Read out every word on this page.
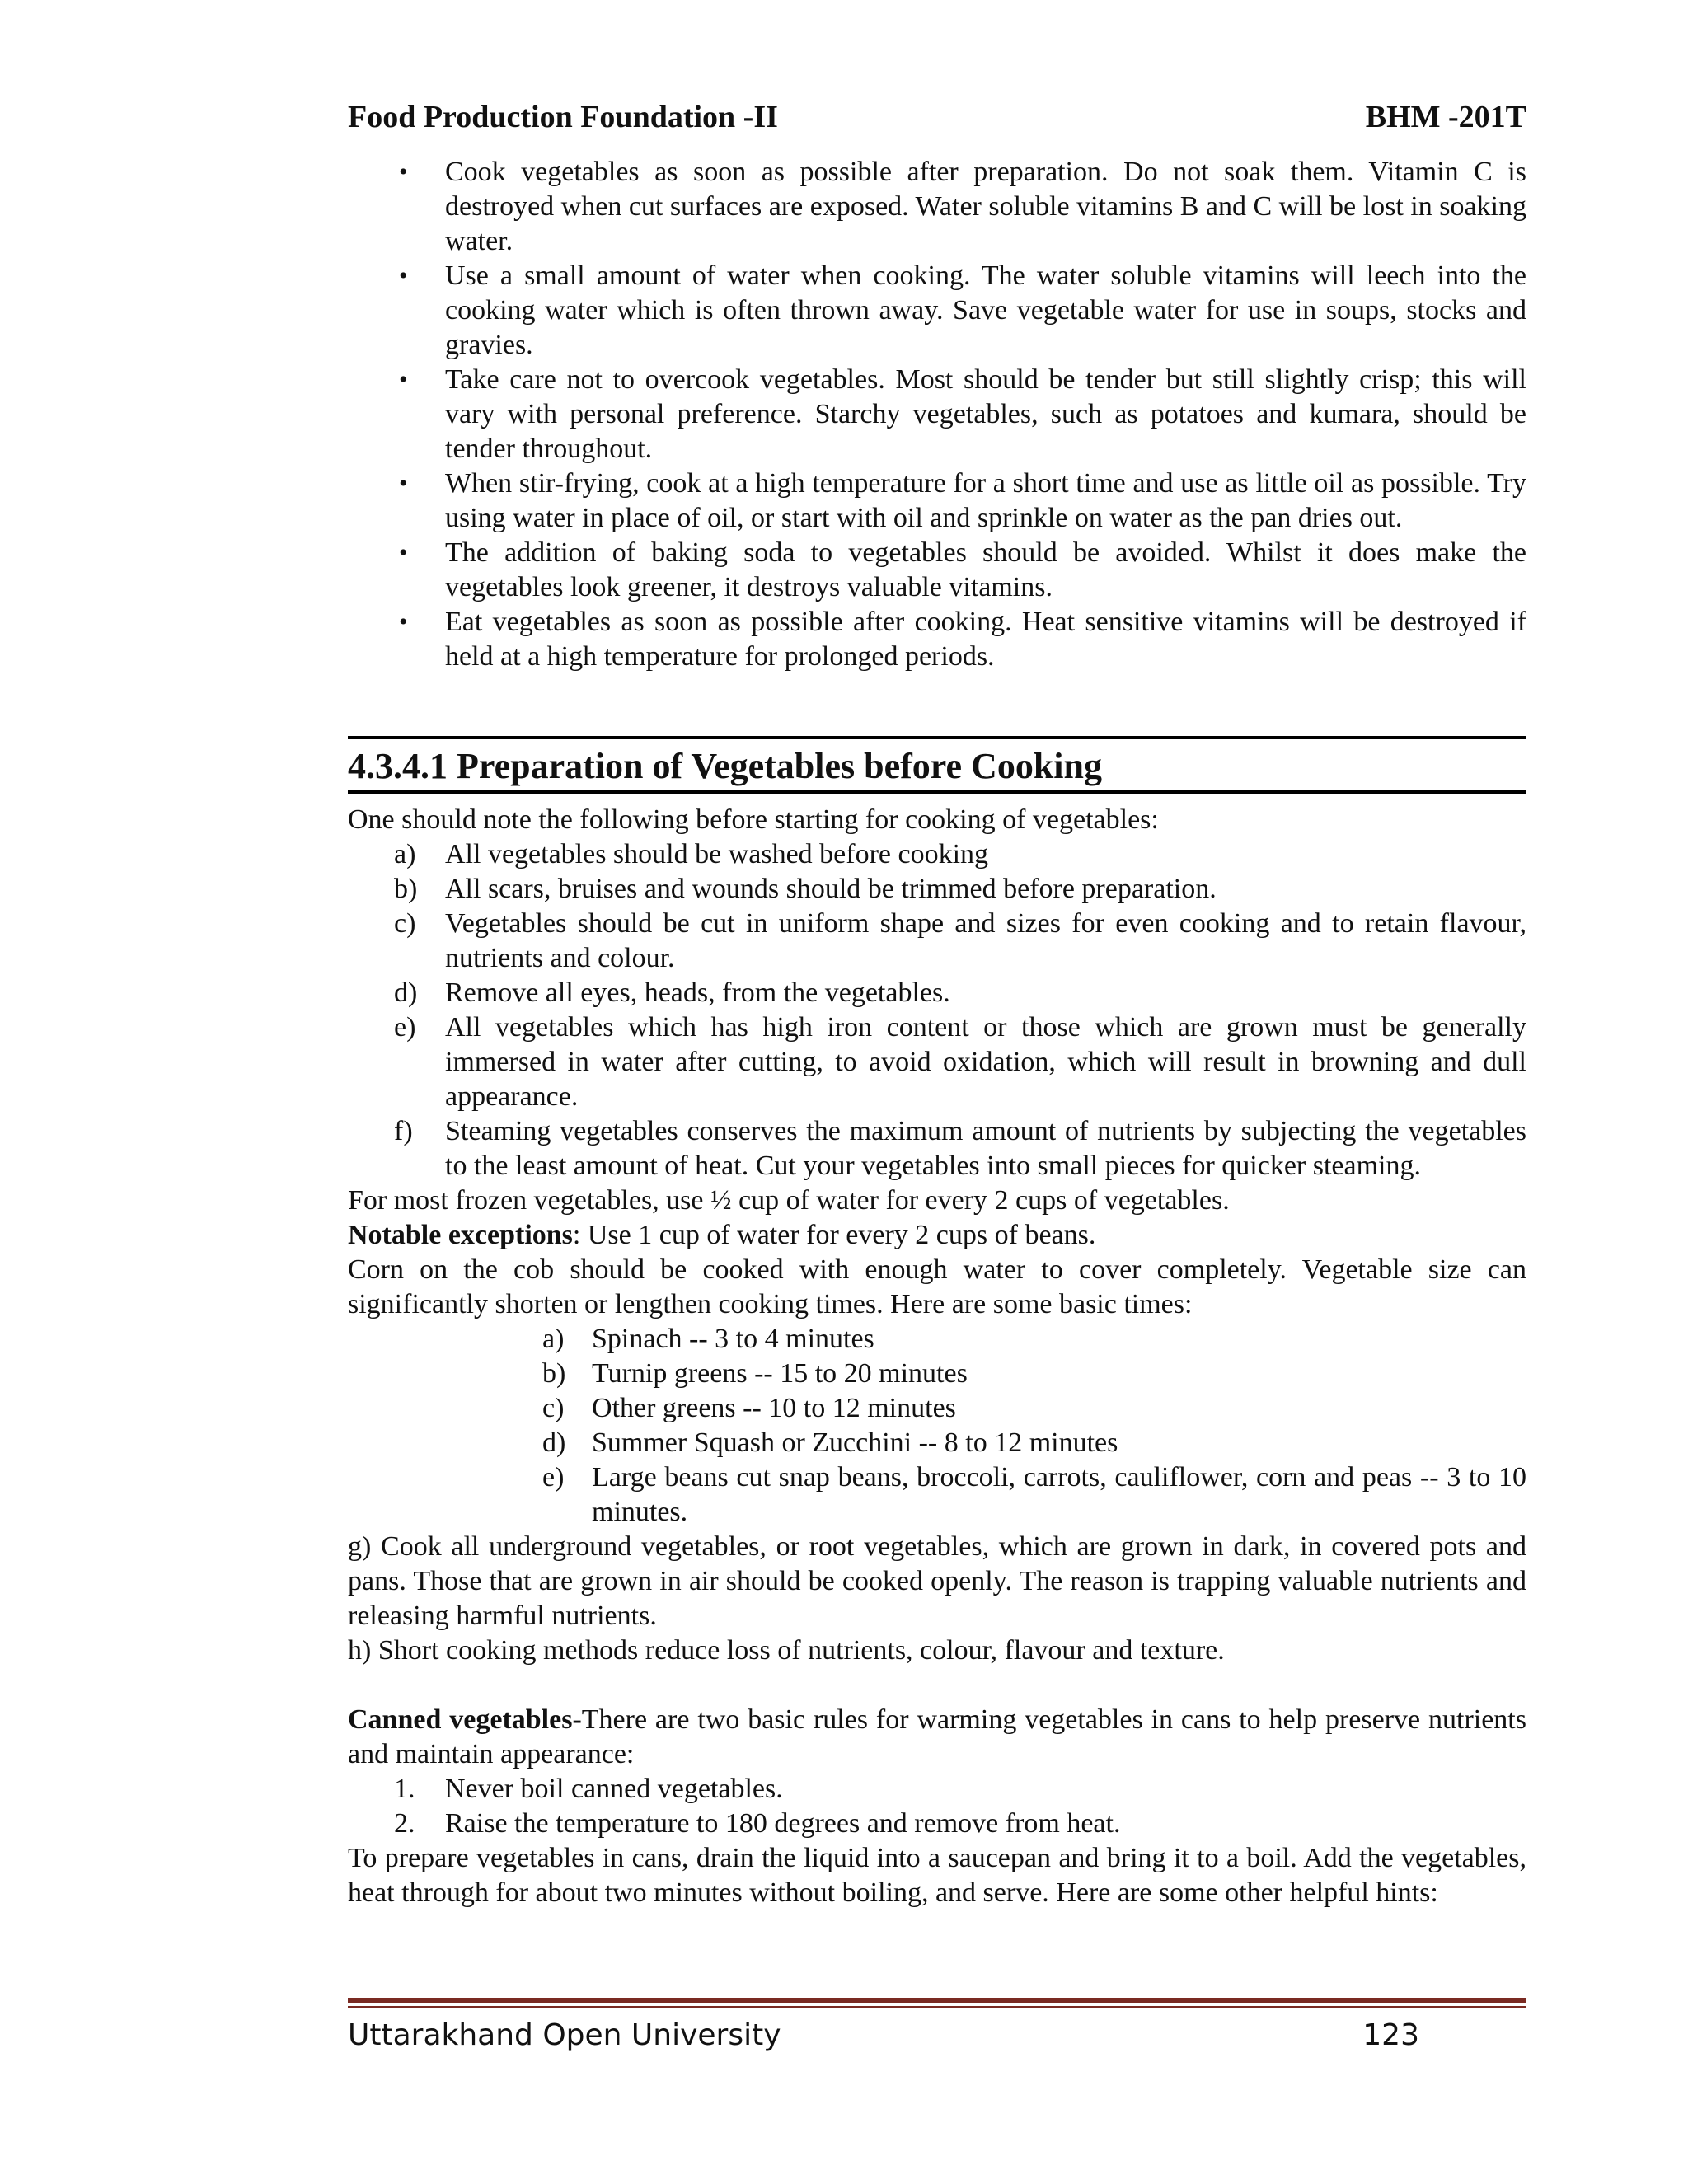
Food Production Foundation -II	BHM -201T
• Cook vegetables as soon as possible after preparation. Do not soak them. Vitamin C is destroyed when cut surfaces are exposed. Water soluble vitamins B and C will be lost in soaking water.
• Use a small amount of water when cooking. The water soluble vitamins will leech into the cooking water which is often thrown away. Save vegetable water for use in soups, stocks and gravies.
• Take care not to overcook vegetables. Most should be tender but still slightly crisp; this will vary with personal preference. Starchy vegetables, such as potatoes and kumara, should be tender throughout.
• When stir-frying, cook at a high temperature for a short time and use as little oil as possible. Try using water in place of oil, or start with oil and sprinkle on water as the pan dries out.
• The addition of baking soda to vegetables should be avoided. Whilst it does make the vegetables look greener, it destroys valuable vitamins.
• Eat vegetables as soon as possible after cooking. Heat sensitive vitamins will be destroyed if held at a high temperature for prolonged periods.
4.3.4.1 Preparation of Vegetables before Cooking

One should note the following before starting for cooking of vegetables:

a) All vegetables should be washed before cooking
b) All scars, bruises and wounds should be trimmed before preparation.
c) Vegetables should be cut in uniform shape and sizes for even cooking and to retain flavour, nutrients and colour.
d) Remove all eyes, heads, from the vegetables.
e) All vegetables which has high iron content or those which are grown must be generally immersed in water after cutting, to avoid oxidation, which will result in browning and dull appearance.
f) Steaming vegetables conserves the maximum amount of nutrients by subjecting the vegetables to the least amount of heat. Cut your vegetables into small pieces for quicker steaming.

For most frozen vegetables, use ½ cup of water for every 2 cups of vegetables.

Notable exceptions: Use 1 cup of water for every 2 cups of beans.

Corn on the cob should be cooked with enough water to cover completely. Vegetable size can significantly shorten or lengthen cooking times. Here are some basic times:

a) Spinach -- 3 to 4 minutes
b) Turnip greens -- 15 to 20 minutes
c) Other greens -- 10 to 12 minutes
d) Summer Squash or Zucchini -- 8 to 12 minutes
e) Large beans cut snap beans, broccoli, carrots, cauliflower, corn and peas -- 3 to 10 minutes.

g) Cook all underground vegetables, or root vegetables, which are grown in dark, in covered pots and pans. Those that are grown in air should be cooked openly. The reason is trapping valuable nutrients and releasing harmful nutrients.

h) Short cooking methods reduce loss of nutrients, colour, flavour and texture.

Canned vegetables-There are two basic rules for warming vegetables in cans to help preserve nutrients and maintain appearance:

1. Never boil canned vegetables.
2. Raise the temperature to 180 degrees and remove from heat.

To prepare vegetables in cans, drain the liquid into a saucepan and bring it to a boil. Add the vegetables, heat through for about two minutes without boiling, and serve. Here are some other helpful hints:

Uttarakhand Open University	123
